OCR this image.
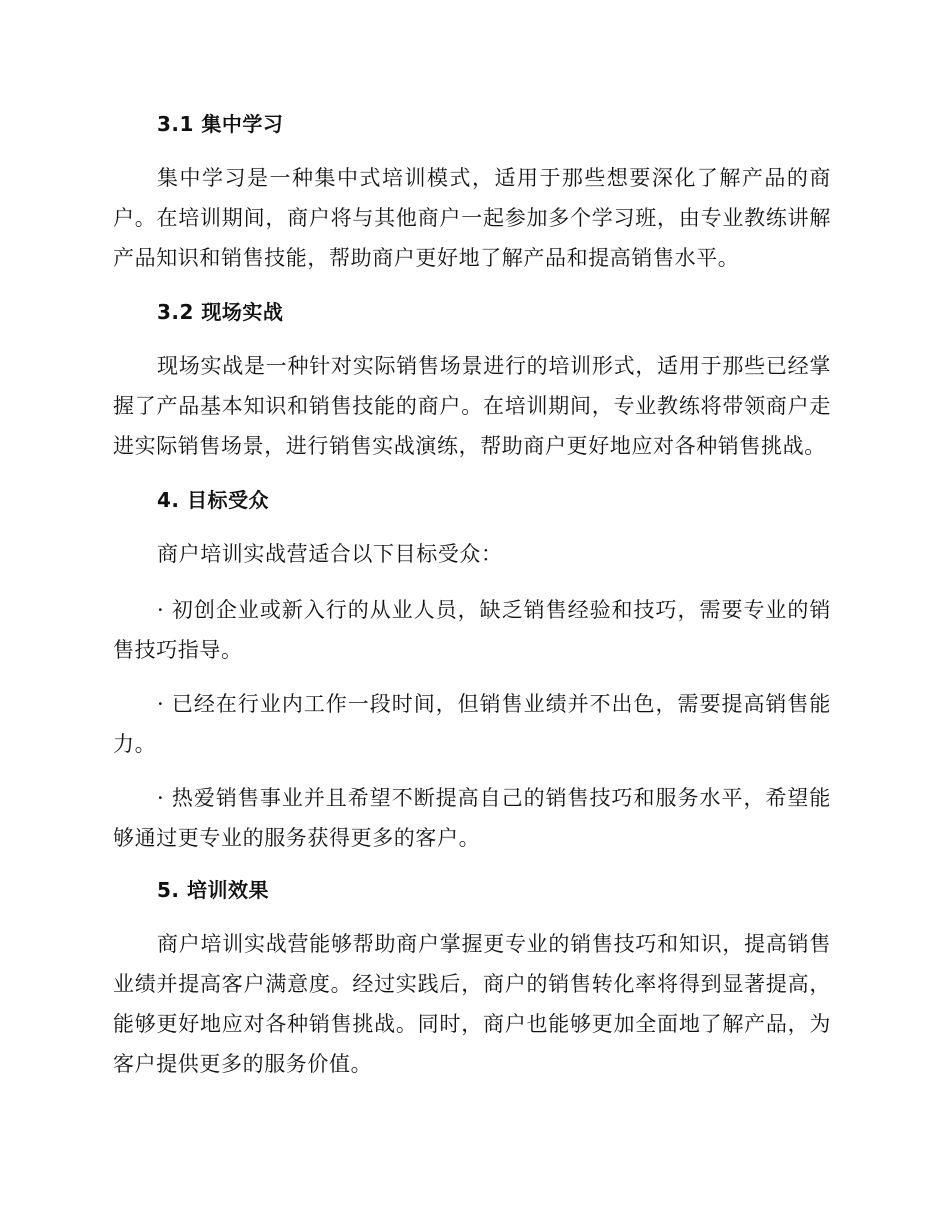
3.1 集中学习

集中学习是一种集中式培训模式，适用于那些想要深化了解产品的商户。在培训期间，商户将与其他商户一起参加多个学习班，由专业教练讲解产品知识和销售技能，帮助商户更好地了解产品和提高销售水平。

3.2 现场实战

现场实战是一种针对实际销售场景进行的培训形式，适用于那些已经掌握了产品基本知识和销售技能的商户。在培训期间，专业教练将带领商户走进实际销售场景，进行销售实战演练，帮助商户更好地应对各种销售挑战。

4. 目标受众

商户培训实战营适合以下目标受众：

· 初创企业或新入行的从业人员，缺乏销售经验和技巧，需要专业的销售技巧指导。

· 已经在行业内工作一段时间，但销售业绩并不出色，需要提高销售能力。

· 热爱销售事业并且希望不断提高自己的销售技巧和服务水平，希望能够通过更专业的服务获得更多的客户。

5. 培训效果

商户培训实战营能够帮助商户掌握更专业的销售技巧和知识，提高销售业绩并提高客户满意度。经过实践后，商户的销售转化率将得到显著提高，能够更好地应对各种销售挑战。同时，商户也能够更加全面地了解产品，为客户提供更多的服务价值。
